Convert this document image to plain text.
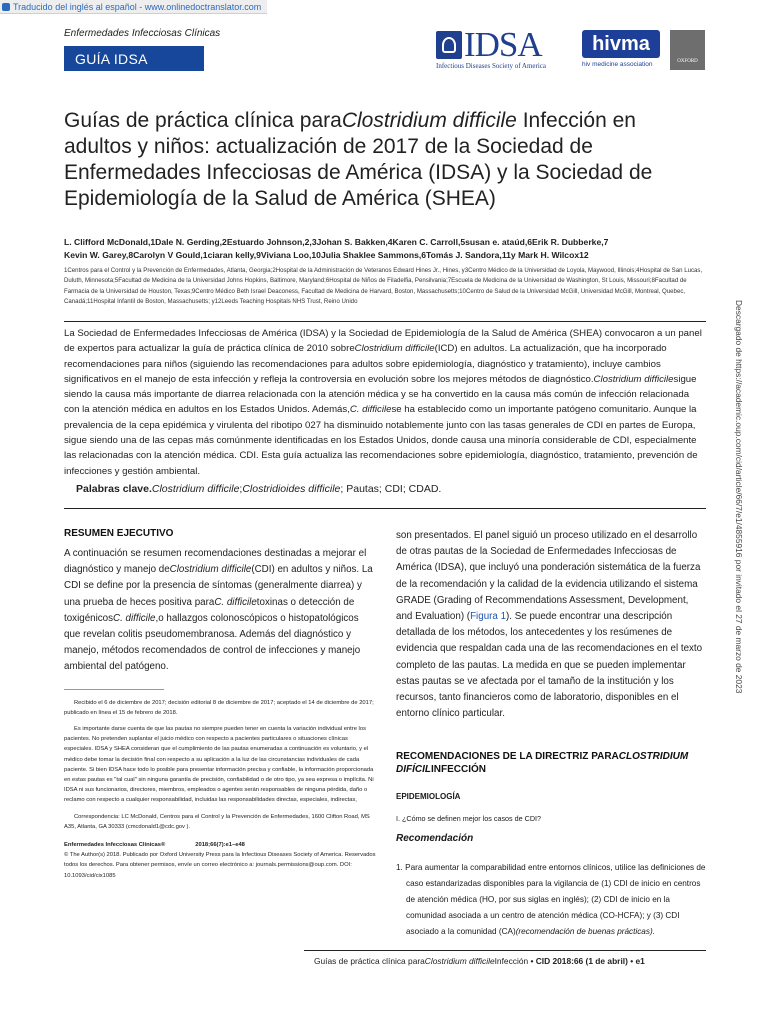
Traducido del inglés al español - www.onlinedoctranslator.com
Enfermedades Infecciosas Clínicas
GUÍA IDSA	IDSA
Infectious Diseases Society of America
hivma
hiv medicine association	OXFORD
Guías de práctica clínica paraClostridium difficile Infección en adultos y niños: actualización de 2017 de la Sociedad de Enfermedades Infecciosas de América (IDSA) y la Sociedad de Epidemiología de la Salud de América (SHEA)
L. Clifford McDonald,1Dale N. Gerding,2Estuardo Johnson,2,3Johan S. Bakken,4Karen C. Carroll,5susan e. ataúd,6Erik R. Dubberke,7
Kevin W. Garey,8Carolyn V Gould,1ciaran kelly,9Viviana Loo,10Julia Shaklee Sammons,6Tomás J. Sandora,11y Mark H. Wilcox12
1Centros para el Control y la Prevención de Enfermedades, Atlanta, Georgia;2Hospital de la Administración de Veteranos Edward Hines Jr., Hines, y3Centro Médico de la Universidad de Loyola, Maywood, Illinois;4Hospital de San Lucas,
Duluth, Minnesota;5Facultad de Medicina de la Universidad Johns Hopkins, Baltimore, Maryland;6Hospital de Niños de Filadelfia, Pensilvania;7Escuela de Medicina de la Universidad de Washington, St Louis, Missouri;8Facultad de
Farmacia de la Universidad de Houston, Texas;9Centro Médico Beth Israel Deaconess, Facultad de Medicina de Harvard, Boston, Massachusetts;10Centro de Salud de la Universidad McGill, Universidad McGill, Montreal, Quebec,
Canadá;11Hospital Infantil de Boston, Massachusetts; y12Leeds Teaching Hospitals NHS Trust, Reino Unido
La Sociedad de Enfermedades Infecciosas de América (IDSA) y la Sociedad de Epidemiología de la Salud de América (SHEA) convocaron a un panel de expertos para actualizar la guía de práctica clínica de 2010 sobreClostridium difficile(ICD) en adultos. La actualización, que ha incorporado recomendaciones para niños (siguiendo las recomendaciones para adultos sobre epidemiología, diagnóstico y tratamiento), incluye cambios significativos en el manejo de esta infección y refleja la controversia en evolución sobre los mejores métodos de diagnóstico.Clostridium difficilesigue siendo la causa más importante de diarrea relacionada con la atención médica y se ha convertido en la causa más común de infección relacionada con la atención médica en adultos en los Estados Unidos. Además,C. difficilese ha establecido como un importante patógeno comunitario. Aunque la prevalencia de la cepa epidémica y virulenta del ribotipo 027 ha disminuido notablemente junto con las tasas generales de CDI en partes de Europa, sigue siendo una de las cepas más comúnmente identificadas en los Estados Unidos, donde causa una minoría considerable de CDI, especialmente las relacionadas con la atención médica. CDI. Esta guía actualiza las recomendaciones sobre epidemiología, diagnóstico, tratamiento, prevención de infecciones y gestión ambiental.
Palabras clave.Clostridium difficile;Clostridioides difficile; Pautas; CDI; CDAD.
RESUMEN EJECUTIVO
A continuación se resumen recomendaciones destinadas a mejorar el diagnóstico y manejo deClostridium difficile(CDI) en adultos y niños. La CDI se define por la presencia de síntomas (generalmente diarrea) y una prueba de heces positiva paraC. difficiletoxinas o detección de toxigénicosC. difficile,o hallazgos colonoscópicos o histopatológicos que revelan colitis pseudomembranosa. Además del diagnóstico y manejo, métodos recomendados de control de infecciones y manejo ambiental del patógeno.
Recibido el 6 de diciembre de 2017; decisión editorial 8 de diciembre de 2017; aceptado el 14 de diciembre de 2017; publicado en línea el 15 de febrero de 2018.
Es importante darse cuenta de que las pautas no siempre pueden tener en cuenta la variación individual entre los pacientes. No pretenden suplantar el juicio médico con respecto a pacientes particulares o situaciones clínicas especiales. IDSA y SHEA consideran que el cumplimiento de las pautas enumeradas a continuación es voluntario, y el médico debe tomar la decisión final con respecto a su aplicación a la luz de las circunstancias individuales de cada paciente. Si bien IDSA hace todo lo posible para presentar información precisa y confiable, la información proporcionada en estas pautas es "tal cual" sin ninguna garantía de precisión, confiabilidad o de otro tipo, ya sea expresa o implícita. Ni IDSA ni sus funcionarios, directores, miembros, empleados o agentes serán responsables de ninguna pérdida, daño o reclamo con respecto a cualquier responsabilidad, incluidas las responsabilidades directas, especiales, indirectas,
Correspondencia: LC McDonald, Centros para el Control y la Prevención de Enfermedades, 1600 Clifton Road, MS A35, Atlanta, GA 30333 (cmcdonald1@cdc.gov ).
Enfermedades Infecciosas Clínicas®	2018;66(7):e1–e48
© The Author(s) 2018. Publicado por Oxford University Press para la Infectious Diseases Society of America. Reservados todos los derechos. Para obtener permisos, envíe un correo electrónico a: journals.permissions@oup.com. DOI: 10.1093/cid/cix1085
son presentados. El panel siguió un proceso utilizado en el desarrollo de otras pautas de la Sociedad de Enfermedades Infecciosas de América (IDSA), que incluyó una ponderación sistemática de la fuerza de la recomendación y la calidad de la evidencia utilizando el sistema GRADE (Grading of Recommendations Assessment, Development, and Evaluation) (Figura 1). Se puede encontrar una descripción detallada de los métodos, los antecedentes y los resúmenes de evidencia que respaldan cada una de las recomendaciones en el texto completo de las pautas. La medida en que se pueden implementar estas pautas se ve afectada por el tamaño de la institución y los recursos, tanto financieros como de laboratorio, disponibles en el entorno clínico particular.
RECOMENDACIONES DE LA DIRECTRIZ PARACLOSTRIDIUM DIFÍCILINFECCIÓN
EPIDEMIOLOGÍA
I. ¿Cómo se definen mejor los casos de CDI?
Recomendación
1. Para aumentar la comparabilidad entre entornos clínicos, utilice las definiciones de caso estandarizadas disponibles para la vigilancia de (1) CDI de inicio en centros de atención médica (HO, por sus siglas en inglés); (2) CDI de inicio en la comunidad asociada a un centro de atención médica (CO-HCFA); y (3) CDI asociado a la comunidad (CA)(recomendación de buenas prácticas).
Guías de práctica clínica paraClostridium difficileInfección • CID 2018:66 (1 de abril) • e1
Descargado de https://academic.oup.com/cid/article/66/7/e1/4855916 por invitado el 27 de marzo de 2023
